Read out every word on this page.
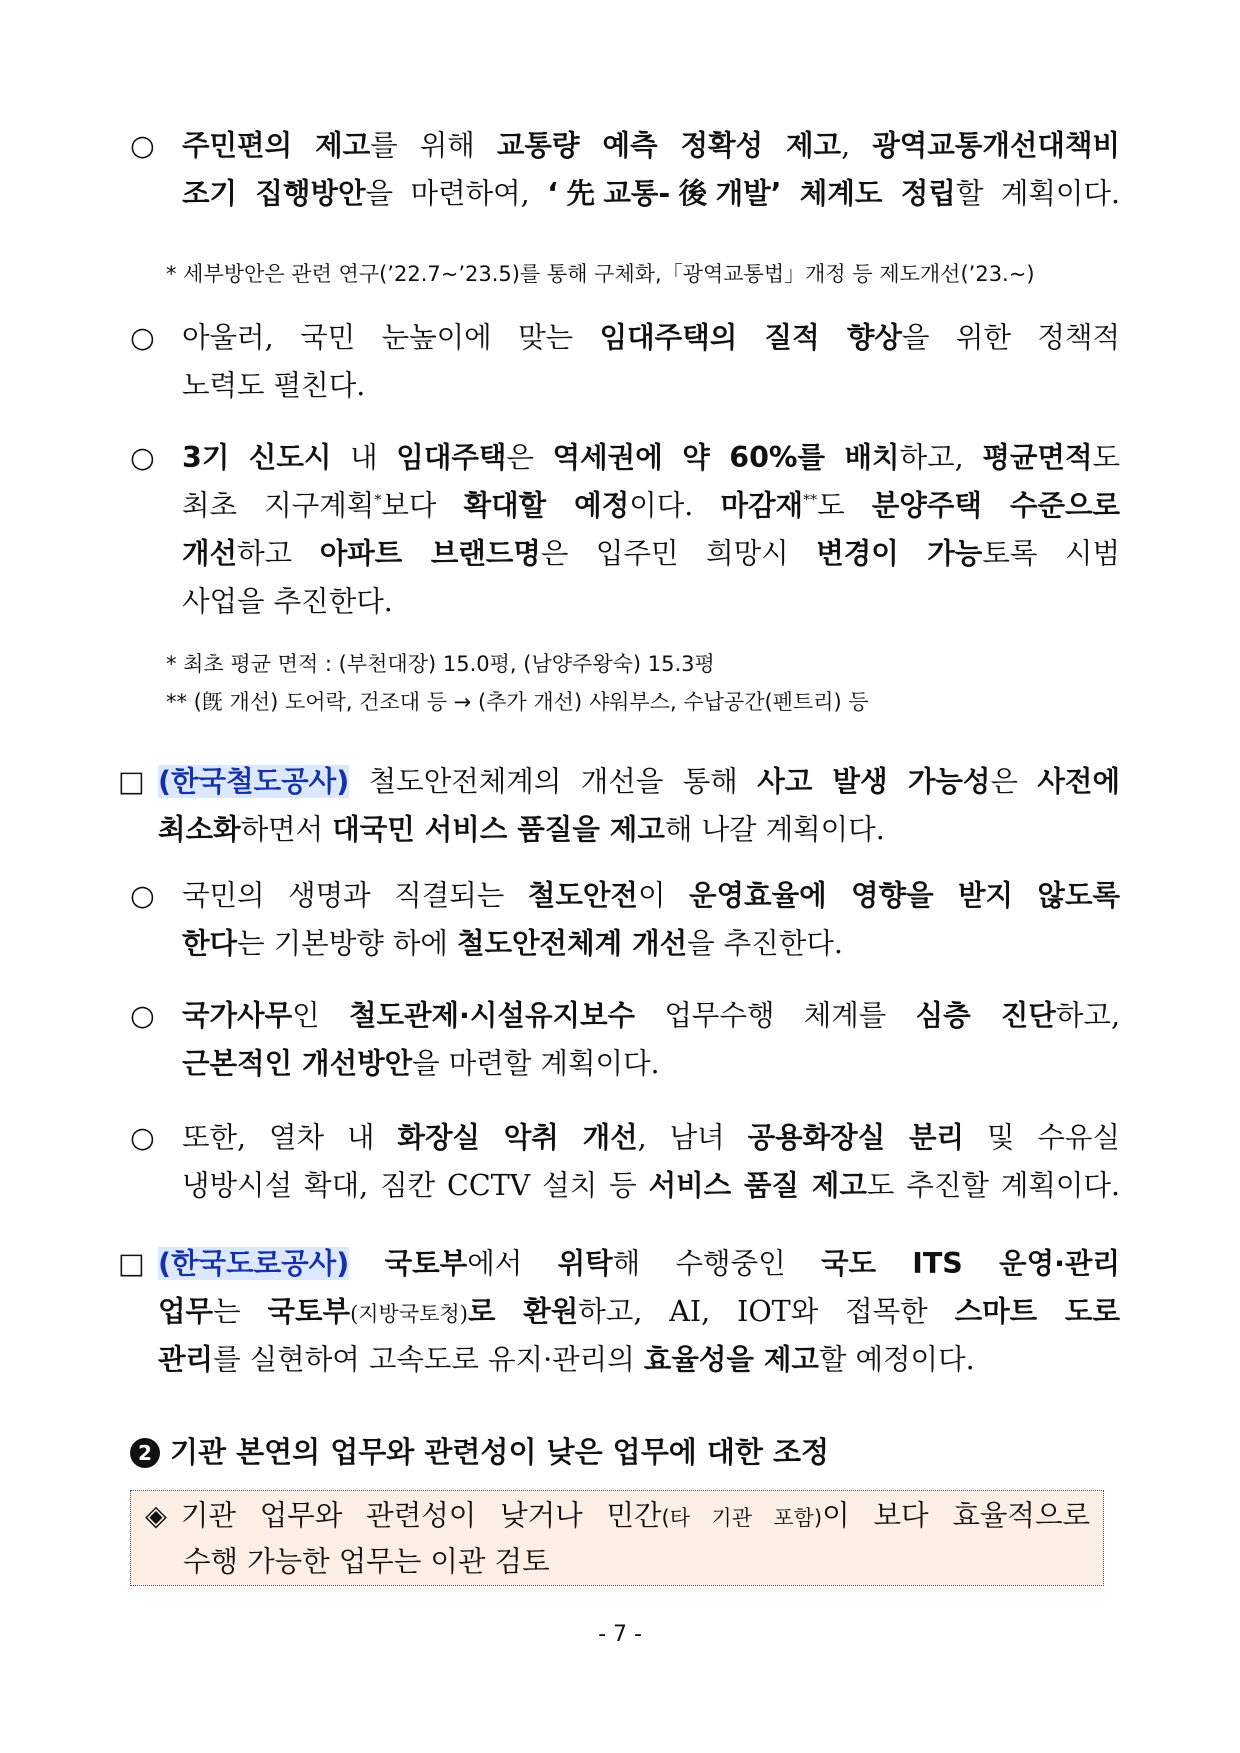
○ 주민편의 제고를 위해 교통량 예측 정확성 제고, 광역교통개선대책비
조기 집행방안을 마련하여, ‘先교통-後개발’ 체계도 정립할 계획이다.
* 세부방안은 관련 연구(’22.7~’23.5)를 통해 구체화,「광역교통법」개정 등 제도개선(’23.~)
○ 아울러, 국민 눈높이에 맞는 임대주택의 질적 향상을 위한 정책적
노력도 펼친다.
○ 3기 신도시 내 임대주택은 역세권에 약 60%를 배치하고, 평균면적도
최초 지구계획*보다 확대할 예정이다. 마감재**도 분양주택 수준으로
개선하고 아파트 브랜드명은 입주민 희망시 변경이 가능토록 시범
사업을 추진한다.
* 최초 평균 면적 : (부천대장) 15.0평, (남양주왕숙) 15.3평
** (旣 개선) 도어락, 건조대 등 → (추가 개선) 샤워부스, 수납공간(펜트리) 등
□ (한국철도공사) 철도안전체계의 개선을 통해 사고 발생 가능성은 사전에
최소화하면서 대국민 서비스 품질을 제고해 나갈 계획이다.
○ 국민의 생명과 직결되는 철도안전이 운영효율에 영향을 받지 않도록
한다는 기본방향 하에 철도안전체계 개선을 추진한다.
○ 국가사무인 철도관제·시설유지보수 업무수행 체계를 심층 진단하고,
근본적인 개선방안을 마련할 계획이다.
○ 또한, 열차 내 화장실 악취 개선, 남녀 공용화장실 분리 및 수유실
냉방시설 확대, 짐칸 CCTV 설치 등 서비스 품질 제고도 추진할 계획이다.
□ (한국도로공사) 국토부에서 위탁해 수행중인 국도 ITS 운영·관리
업무는 국토부(지방국토청)로 환원하고, AI, IOT와 접목한 스마트 도로
관리를 실현하여 고속도로 유지·관리의 효율성을 제고할 예정이다.
2 기관 본연의 업무와 관련성이 낮은 업무에 대한 조정
◈ 기관 업무와 관련성이 낮거나 민간(타 기관 포함)이 보다 효율적으로
수행 가능한 업무는 이관 검토
- 7 -
